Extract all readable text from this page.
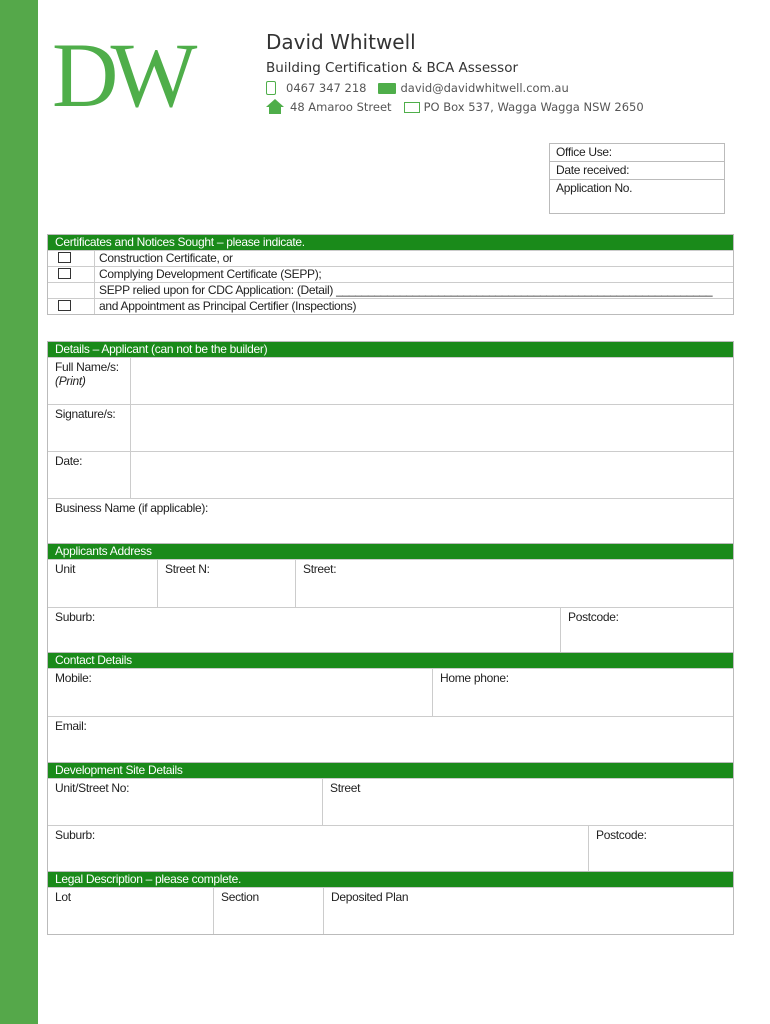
DW	David Whitwell
Building Certification & BCA Assessor
0467 347 218	david@davidwhitwell.com.au
48 Amaroo Street	PO Box 537, Wagga Wagga NSW 2650
Office Use:
Date received:
Application No.
Certificates and Notices Sought – please indicate.
Construction Certificate, or
Complying Development Certificate (SEPP);
SEPP relied upon for CDC Application: (Detail) ___________________________________________________________
and Appointment as Principal Certifier (Inspections)
Details – Applicant (can not be the builder)
Full Name/s:
(Print)
Signature/s:
Date:
Business Name (if applicable):
Applicants Address
Unit	Street N:	Street:
Suburb:	Postcode:
Contact Details
Mobile:	Home phone:
Email:
Development Site Details
Unit/Street No:	Street
Suburb:	Postcode:
Legal Description – please complete.
Lot	Section	Deposited Plan
